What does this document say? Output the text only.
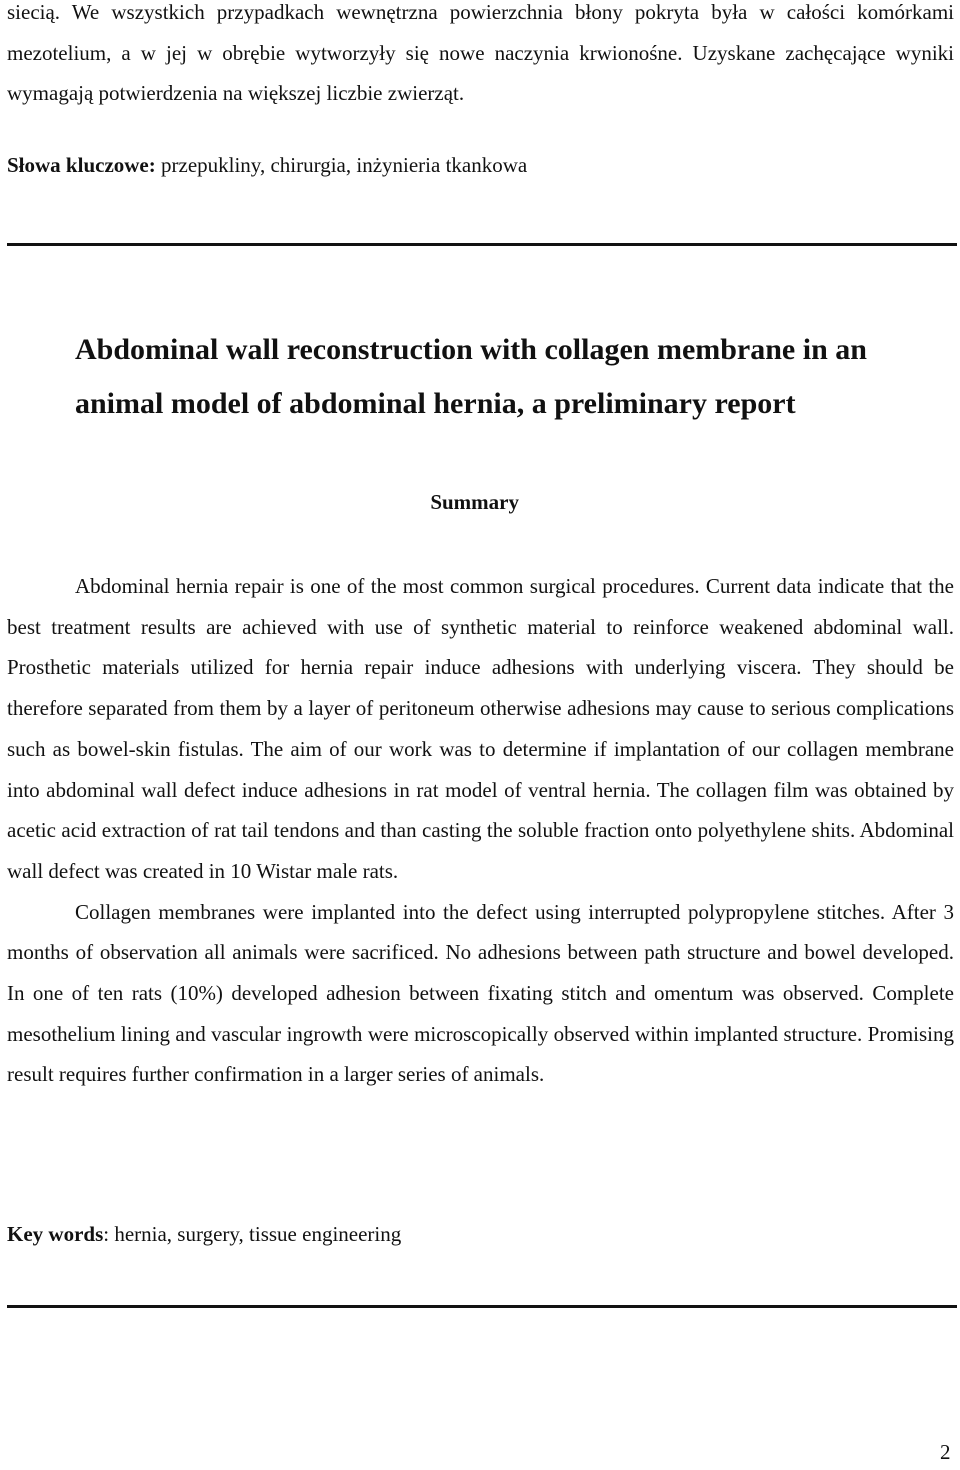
siecią. We wszystkich przypadkach wewnętrzna powierzchnia błony pokryta była w całości komórkami mezotelium, a w jej w obrębie wytworzyły się nowe naczynia krwionośne. Uzyskane zachęcające wyniki wymagają potwierdzenia na większej liczbie zwierząt.

Słowa kluczowe: przepukliny, chirurgia, inżynieria tkankowa
Abdominal wall reconstruction with collagen membrane in an animal model of abdominal hernia, a preliminary report
Summary

Abdominal hernia repair is one of the most common surgical procedures. Current data indicate that the best treatment results are achieved with use of synthetic material to reinforce weakened abdominal wall. Prosthetic materials utilized for hernia repair induce adhesions with underlying viscera. They should be therefore separated from them by a layer of peritoneum otherwise adhesions may cause to serious complications such as bowel-skin fistulas. The aim of our work was to determine if implantation of our collagen membrane into abdominal wall defect induce adhesions in rat model of ventral hernia. The collagen film was obtained by acetic acid extraction of rat tail tendons and than casting the soluble fraction onto polyethylene shits. Abdominal wall defect was created in 10 Wistar male rats.

Collagen membranes were implanted into the defect using interrupted polypropylene stitches. After 3 months of observation all animals were sacrificed. No adhesions between path structure and bowel developed. In one of ten rats (10%) developed adhesion between fixating stitch and omentum was observed. Complete mesothelium lining and vascular ingrowth were microscopically observed within implanted structure. Promising result requires further confirmation in a larger series of animals.

Key words: hernia, surgery, tissue engineering
2
